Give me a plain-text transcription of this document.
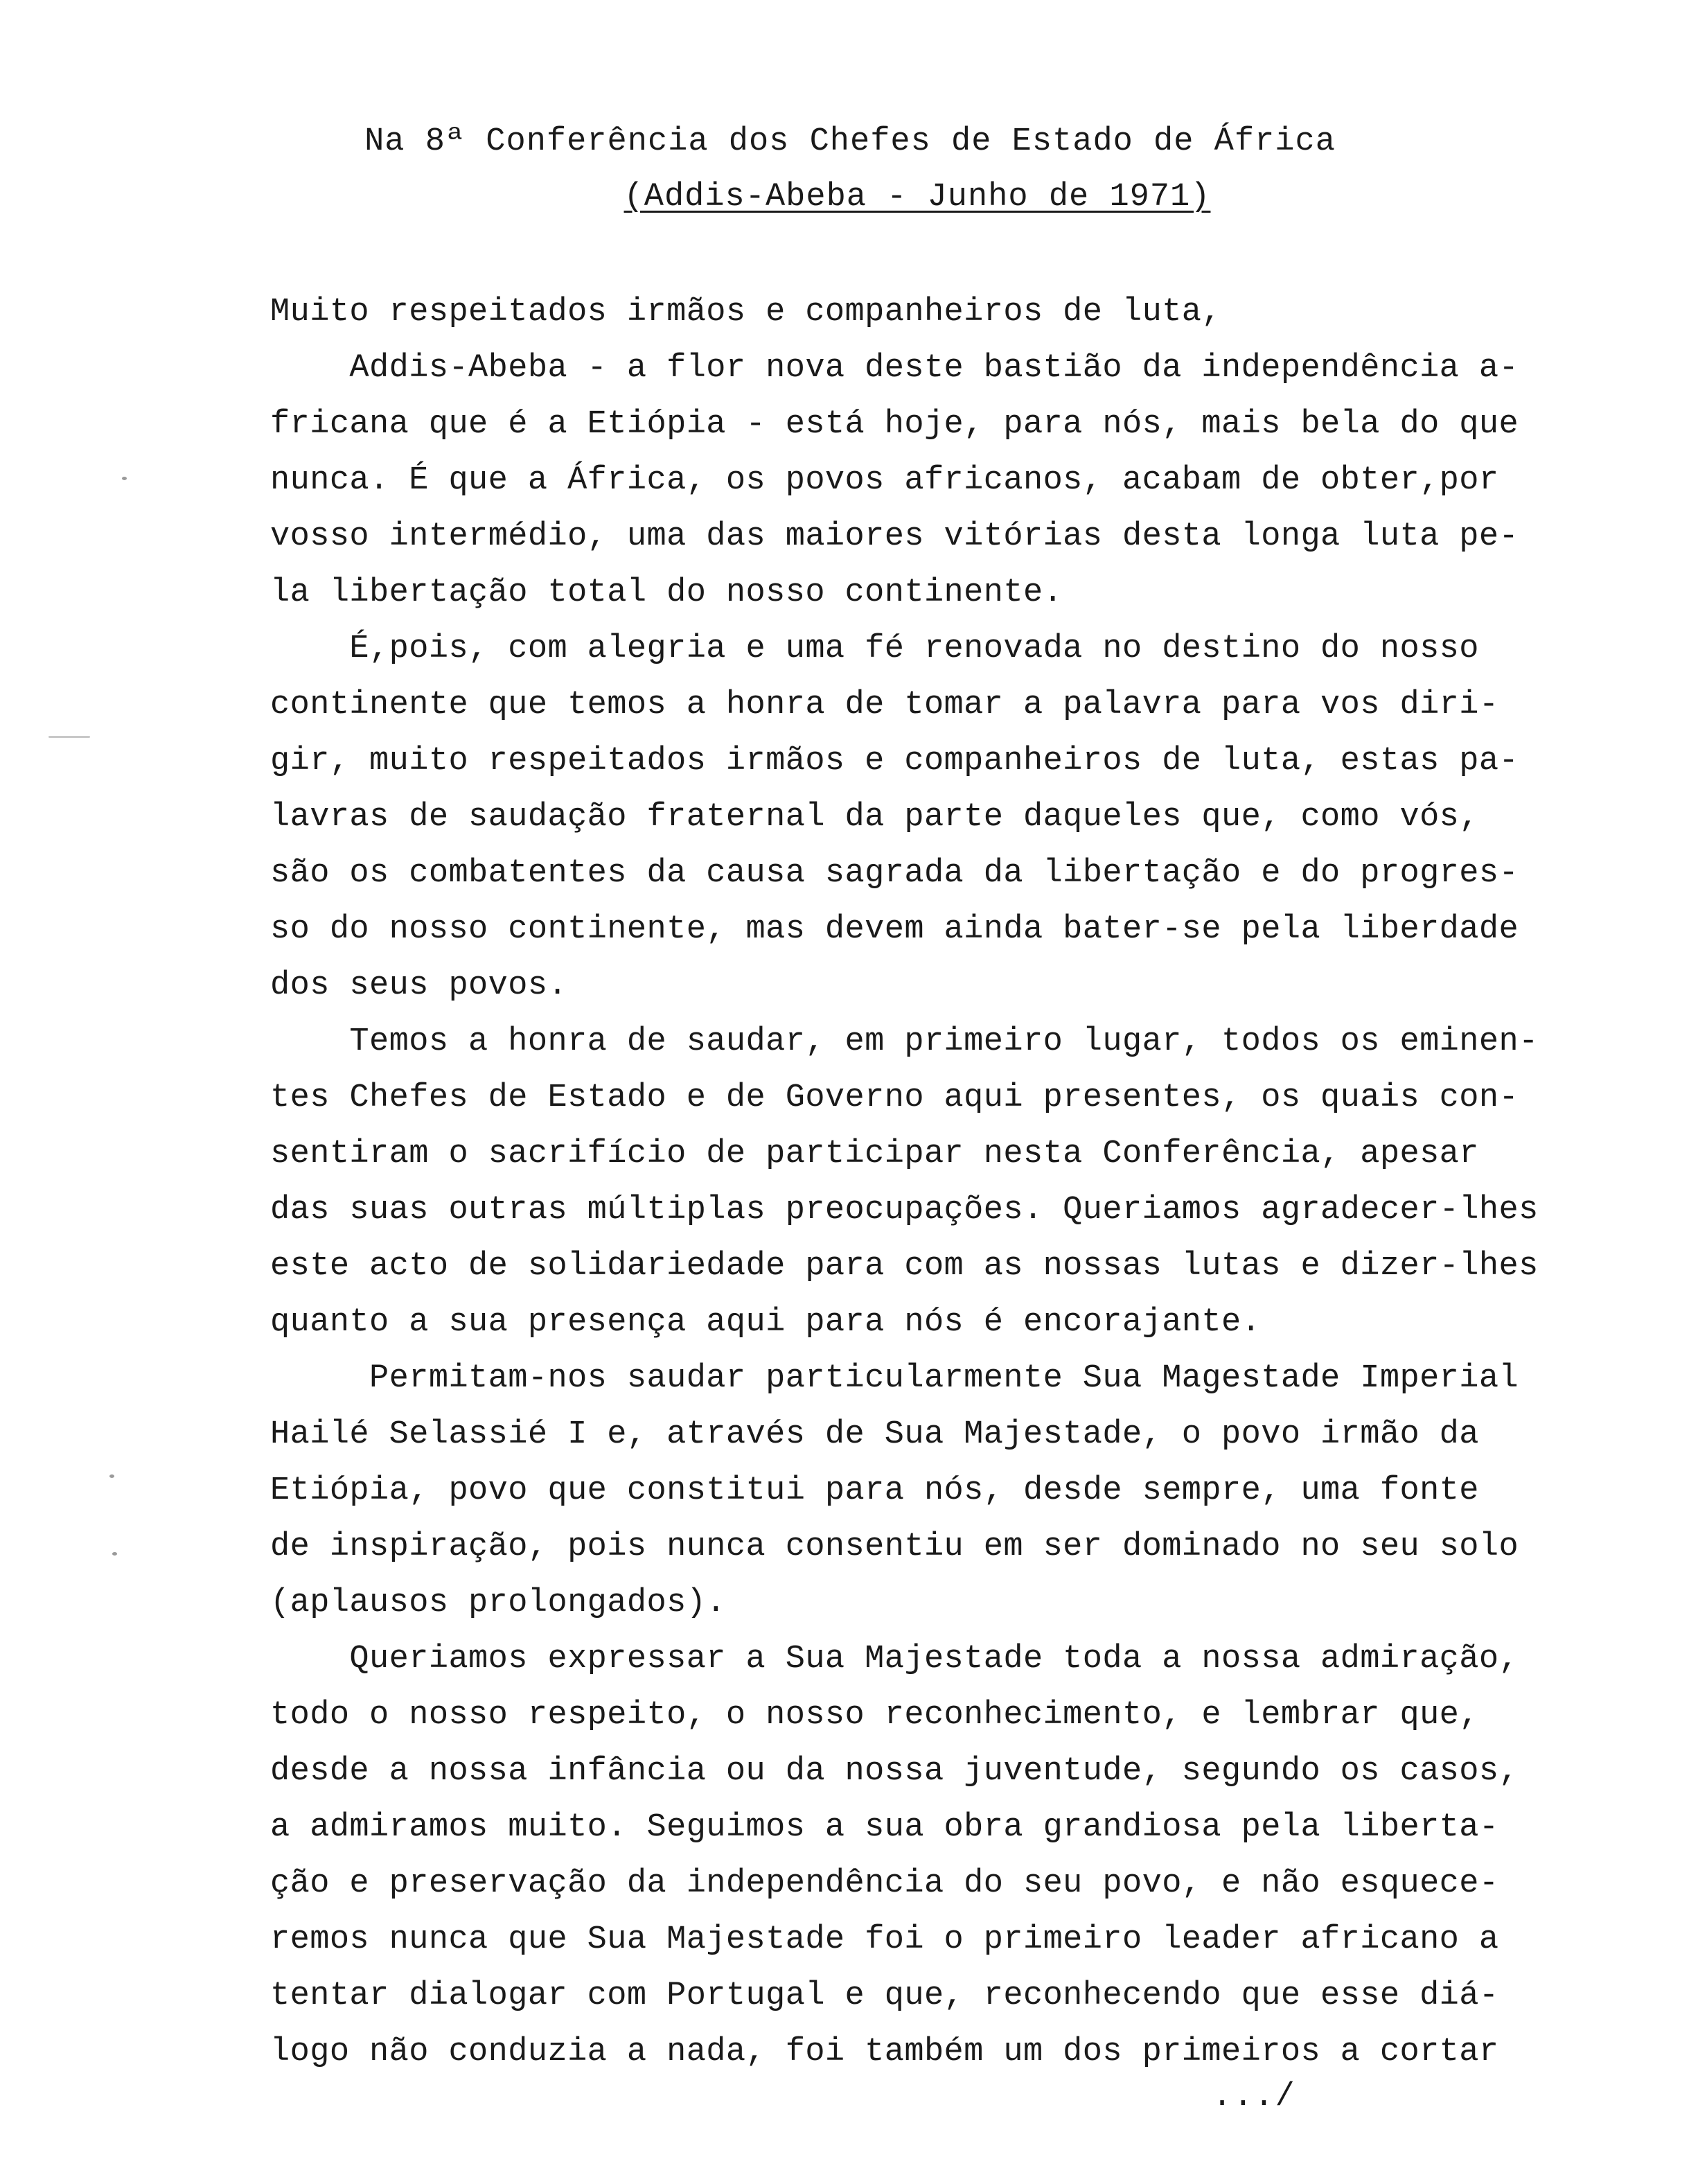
Na 8ª Conferência dos Chefes de Estado de África
(Addis-Abeba - Junho de 1971)
Muito respeitados irmãos e companheiros de luta,
Addis-Abeba - a flor nova deste bastião da independência a-
fricana que é a Etiópia - está hoje, para nós, mais bela do que
nunca. É que a África, os povos africanos, acabam de obter,por
vosso intermédio, uma das maiores vitórias desta longa luta pe-
la libertação total do nosso continente.
É,pois, com alegria e uma fé renovada no destino do nosso
continente que temos a honra de tomar a palavra para vos diri-
gir, muito respeitados irmãos e companheiros de luta, estas pa-
lavras de saudação fraternal da parte daqueles que, como vós,
são os combatentes da causa sagrada da libertação e do progres-
so do nosso continente, mas devem ainda bater-se pela liberdade
dos seus povos.
Temos a honra de saudar, em primeiro lugar, todos os eminen-
tes Chefes de Estado e de Governo aqui presentes, os quais con-
sentiram o sacrifício de participar nesta Conferência, apesar
das suas outras múltiplas preocupações. Queriamos agradecer-lhes
este acto de solidariedade para com as nossas lutas e dizer-lhes
quanto a sua presença aqui para nós é encorajante.
Permitam-nos saudar particularmente Sua Magestade Imperial
Hailé Selassié I e, através de Sua Majestade, o povo irmão da
Etiópia, povo que constitui para nós, desde sempre, uma fonte
de inspiração, pois nunca consentiu em ser dominado no seu solo
(aplausos prolongados).
Queriamos expressar a Sua Majestade toda a nossa admiração,
todo o nosso respeito, o nosso reconhecimento, e lembrar que,
desde a nossa infância ou da nossa juventude, segundo os casos,
a admiramos muito. Seguimos a sua obra grandiosa pela liberta-
ção e preservação da independência do seu povo, e não esquece-
remos nunca que Sua Majestade foi o primeiro leader africano a
tentar dialogar com Portugal e que, reconhecendo que esse diá-
logo não conduzia a nada, foi também um dos primeiros a cortar
.../
